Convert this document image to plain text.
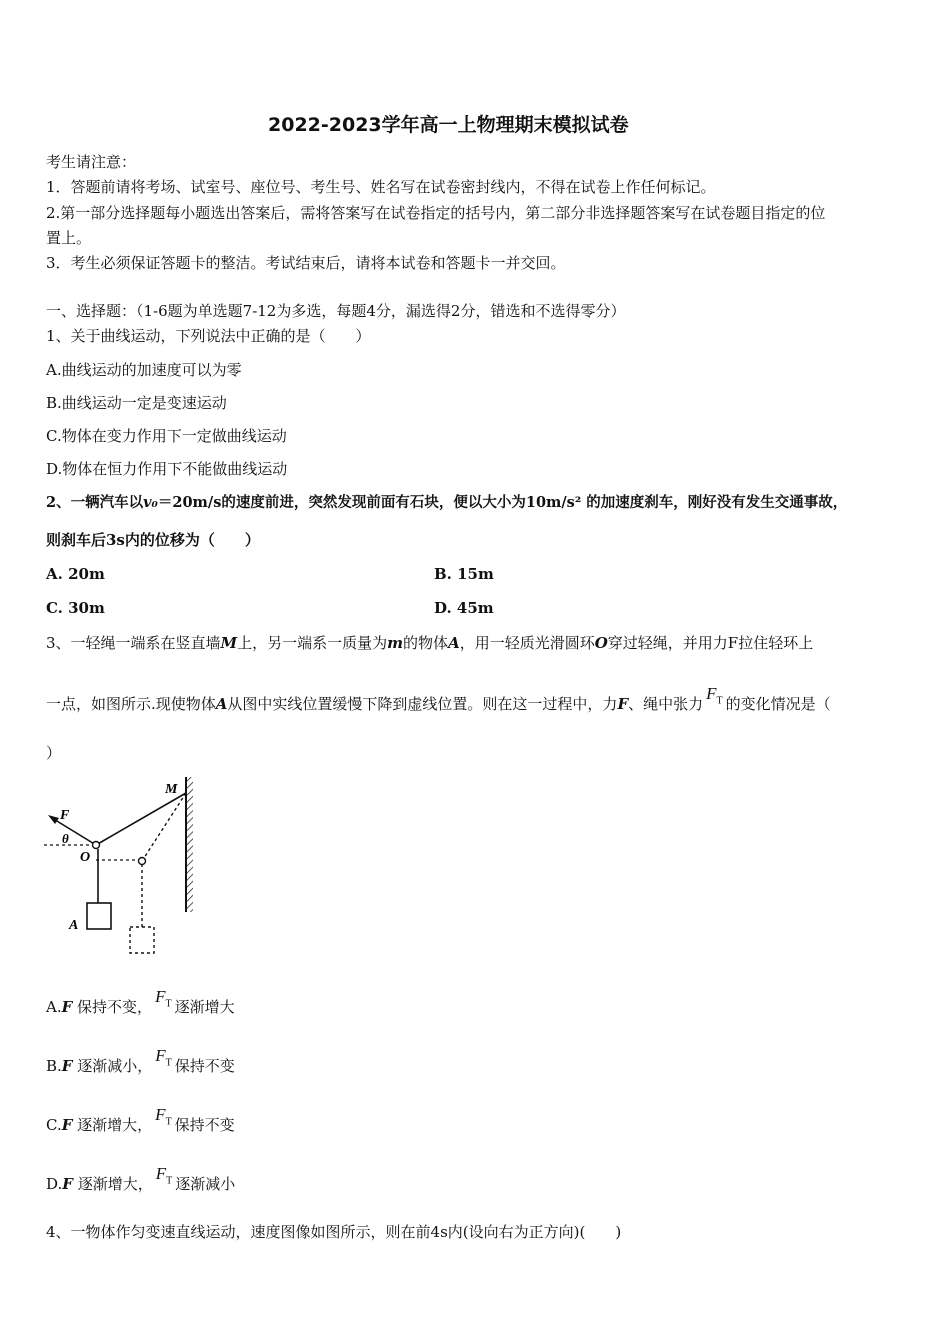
2022-2023学年高一上物理期末模拟试卷
考生请注意：
1．答题前请将考场、试室号、座位号、考生号、姓名写在试卷密封线内，不得在试卷上作任何标记。
2.第一部分选择题每小题选出答案后，需将答案写在试卷指定的括号内，第二部分非选择题答案写在试卷题目指定的位
置上。
3．考生必须保证答题卡的整洁。考试结束后，请将本试卷和答题卡一并交回。
一、选择题：（1-6题为单选题7-12为多选，每题4分，漏选得2分，错选和不选得零分）
1、关于曲线运动，下列说法中正确的是（　　）
A.曲线运动的加速度可以为零
B.曲线运动一定是变速运动
C.物体在变力作用下一定做曲线运动
D.物体在恒力作用下不能做曲线运动
2、一辆汽车以v₀＝20m/s的速度前进，突然发现前面有石块，便以大小为10m/s² 的加速度刹车，刚好没有发生交通事故，
则刹车后3s内的位移为（　　）
A. 20m	B. 15m
C. 30m	D. 45m
3、一轻绳一端系在竖直墙M上，另一端系一质量为m的物体A，用一轻质光滑圆环O穿过轻绳，并用力F拉住轻环上
一点，如图所示.现使物体A从图中实线位置缓慢下降到虚线位置。则在这一过程中，力F、绳中张力$F_T$ 的变化情况是（
）
F
θ
O
M
A
A.F 保持不变，$F_T$ 逐渐增大
B.F 逐渐减小，$F_T$ 保持不变
C.F 逐渐增大，$F_T$ 保持不变
D.F 逐渐增大，$F_T$ 逐渐减小
4、一物体作匀变速直线运动，速度图像如图所示，则在前4s内(设向右为正方向)(　　)
